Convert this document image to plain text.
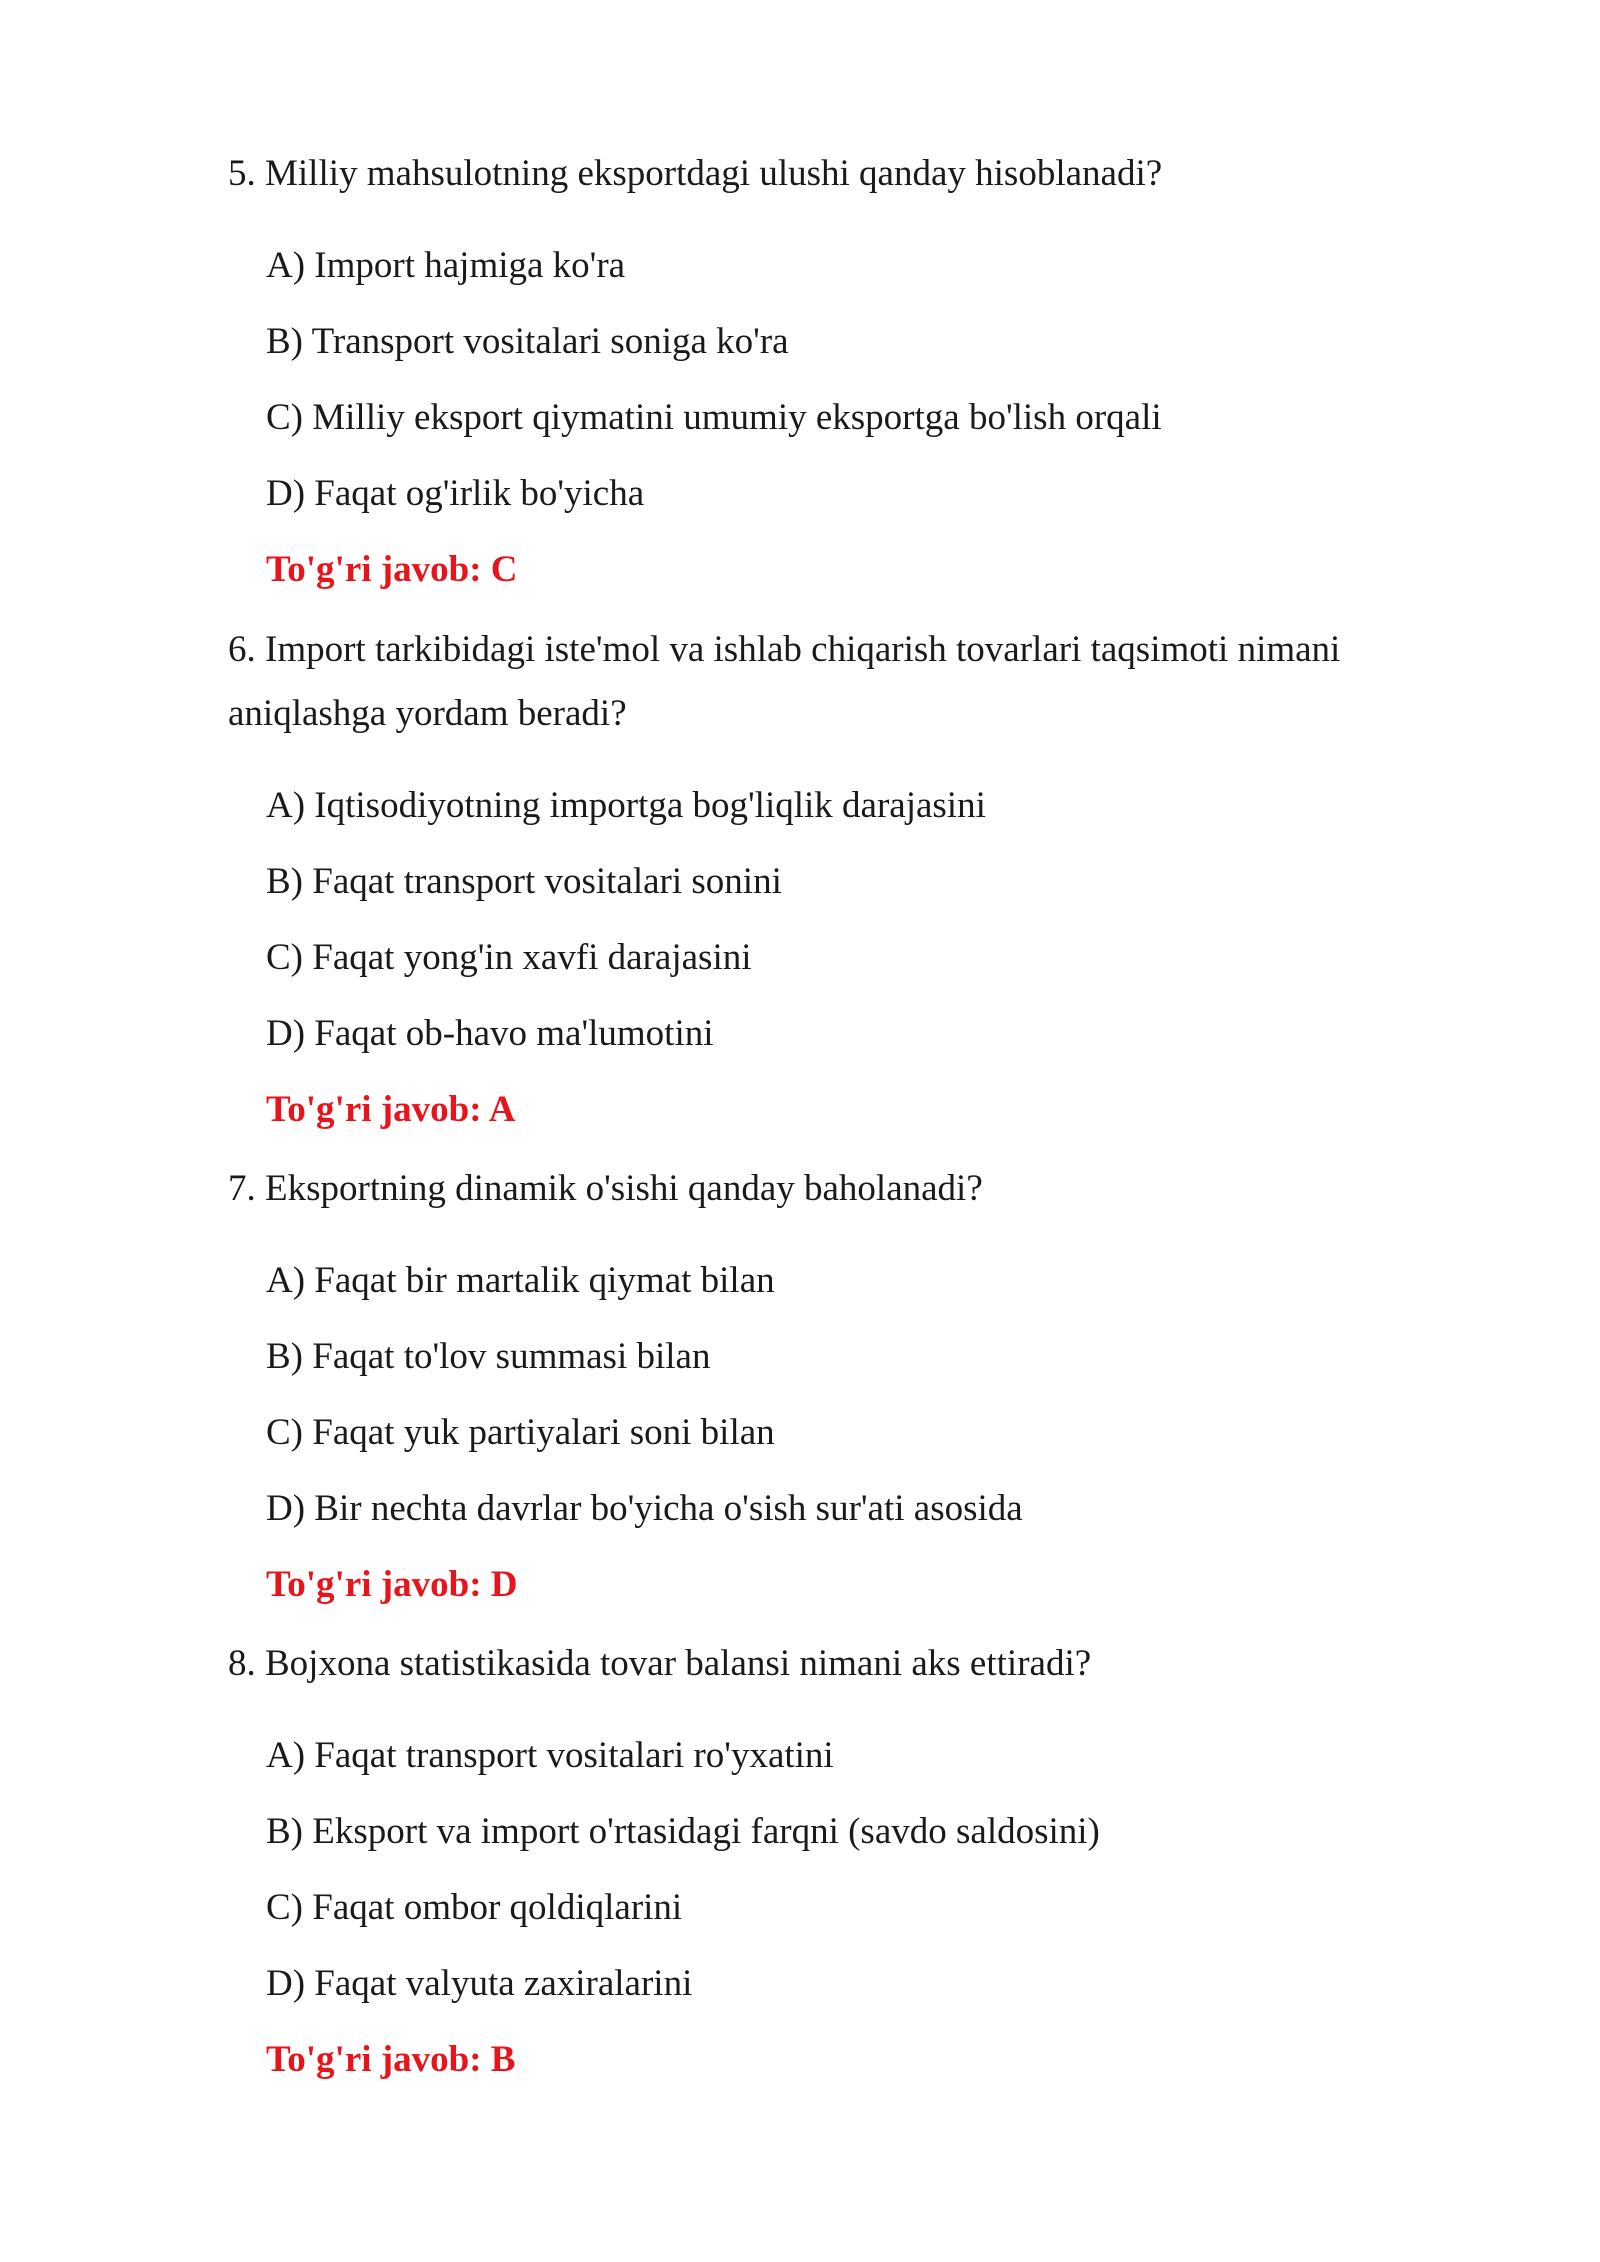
5. Milliy mahsulotning eksportdagi ulushi qanday hisoblanadi?

A) Import hajmiga ko'ra

B) Transport vositalari soniga ko'ra

C) Milliy eksport qiymatini umumiy eksportga bo'lish orqali

D) Faqat og'irlik bo'yicha

To'g'ri javob: C

6. Import tarkibidagi iste'mol va ishlab chiqarish tovarlari taqsimoti nimani aniqlashga yordam beradi?

A) Iqtisodiyotning importga bog'liqlik darajasini

B) Faqat transport vositalari sonini

C) Faqat yong'in xavfi darajasini

D) Faqat ob-havo ma'lumotini

To'g'ri javob: A

7. Eksportning dinamik o'sishi qanday baholanadi?

A) Faqat bir martalik qiymat bilan

B) Faqat to'lov summasi bilan

C) Faqat yuk partiyalari soni bilan

D) Bir nechta davrlar bo'yicha o'sish sur'ati asosida

To'g'ri javob: D

8. Bojxona statistikasida tovar balansi nimani aks ettiradi?

A) Faqat transport vositalari ro'yxatini

B) Eksport va import o'rtasidagi farqni (savdo saldosini)

C) Faqat ombor qoldiqlarini

D) Faqat valyuta zaxiralarini

To'g'ri javob: B
